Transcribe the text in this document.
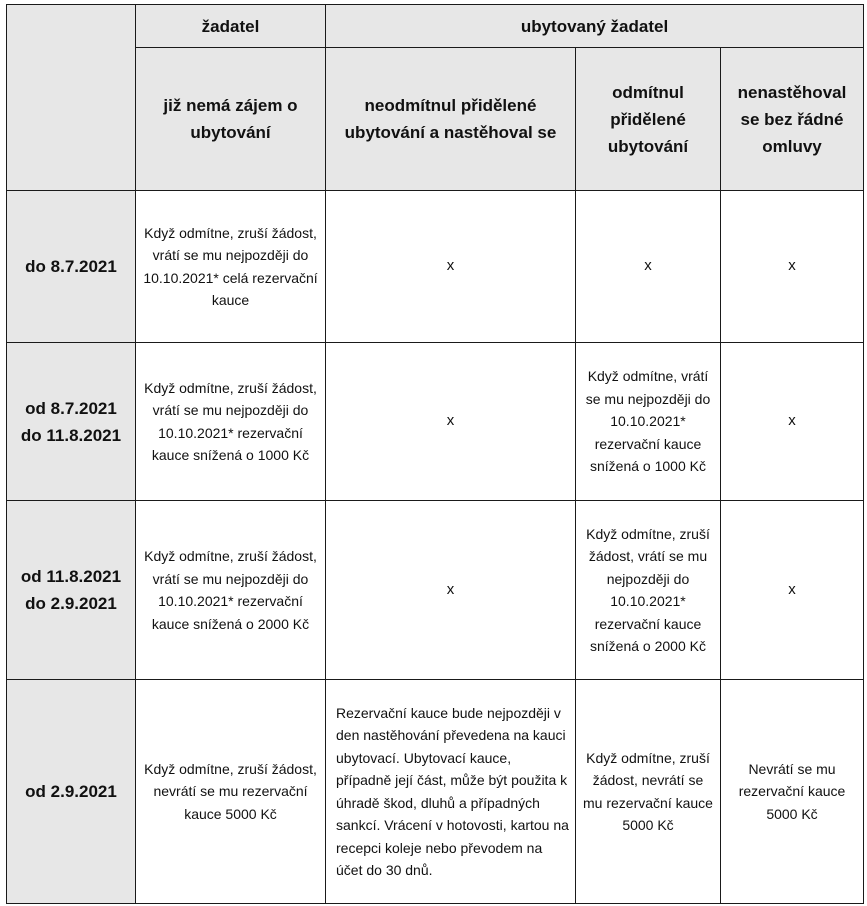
	žadatel	ubytovaný žadatel		
	již nemá zájem o ubytování	neodmítnul přidělené ubytování a nastěhoval se	odmítnul přidělené ubytování	nenastěhoval se bez řádné omluvy
do 8.7.2021	Když odmítne, zruší žádost, vrátí se mu nejpozději do 10.10.2021* celá rezervační kauce	x	x	x
od 8.7.2021 do 11.8.2021	Když odmítne, zruší žádost, vrátí se mu nejpozději do 10.10.2021* rezervační kauce snížená o 1000 Kč	x	Když odmítne, vrátí se mu nejpozději do 10.10.2021* rezervační kauce snížená o 1000 Kč	x
od 11.8.2021 do 2.9.2021	Když odmítne, zruší žádost, vrátí se mu nejpozději do 10.10.2021* rezervační kauce snížená o 2000 Kč	x	Když odmítne, zruší žádost, vrátí se mu nejpozději do 10.10.2021* rezervační kauce snížená o 2000 Kč	x
od 2.9.2021	Když odmítne, zruší žádost, nevrátí se mu rezervační kauce 5000 Kč	Rezervační kauce bude nejpozději v den nastěhování převedena na kauci ubytovací. Ubytovací kauce, případně její část, může být použita k úhradě škod, dluhů a případných sankcí. Vrácení v hotovosti, kartou na recepci koleje nebo převodem na účet do 30 dnů.	Když odmítne, zruší žádost, nevrátí se mu rezervační kauce 5000 Kč	Nevrátí se mu rezervační kauce 5000 Kč
